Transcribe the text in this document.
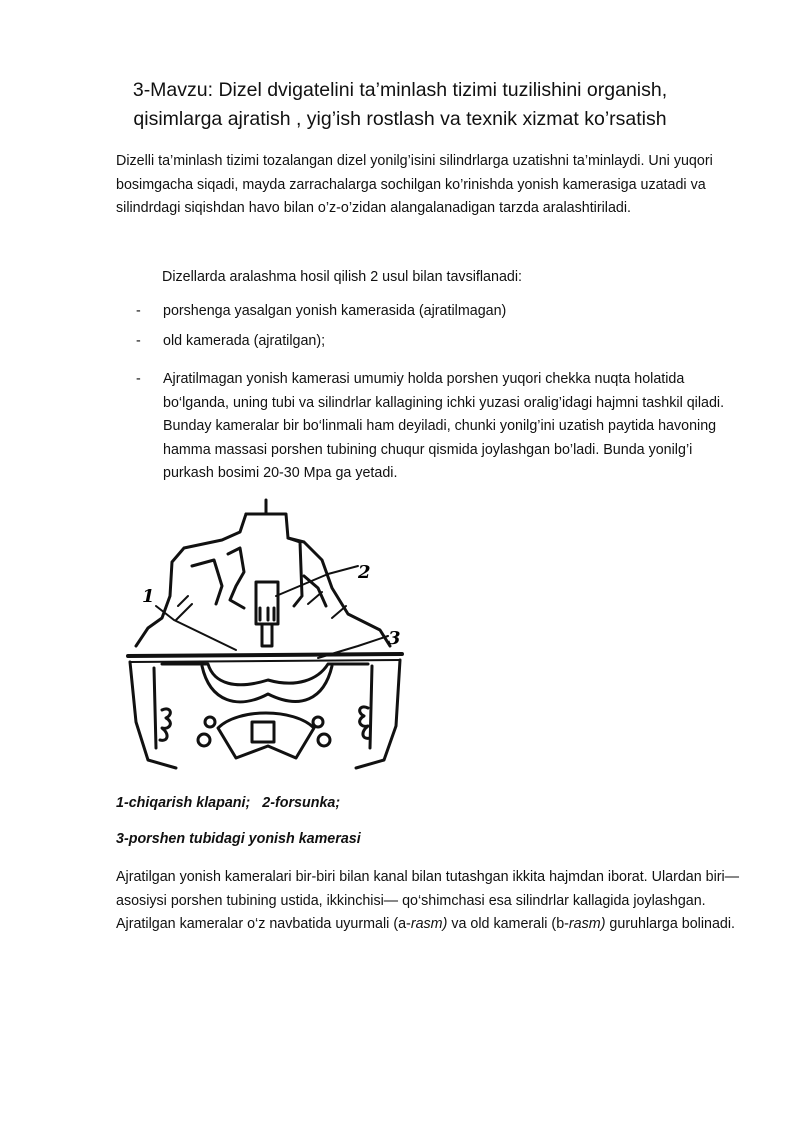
3-Mavzu: Dizel dvigatelini ta’minlash tizimi tuzilishini organish,
qisimlarga ajratish , yig’ish rostlash va texnik xizmat ko’rsatish

Dizelli ta’minlash tizimi tozalangan dizel yonilg’isini silindrlarga uzatishni ta’minlaydi. Uni yuqori bosimgacha siqadi, mayda zarrachalarga sochilgan ko’rinishda yonish kamerasiga uzatadi va silindrdagi siqishdan havo bilan o’z-o’zidan alangalanadigan tarzda aralashtiriladi.

Dizellarda aralashma hosil qilish 2 usul bilan tavsiflanadi:

- porshenga yasalgan yonish kamerasida (ajratilmagan)
- old kamerada (ajratilgan);
- Ajratilmagan yonish kamerasi umumiy holda porshen yuqori chekka nuqta holatida bo‘lganda, uning tubi va silindrlar kallagining ichki yuzasi oralig’idagi hajmni tashkil qiladi. Bunday kameralar bir bo‘linmali ham deyiladi, chunki yonilg’ini uzatish paytida havoning hamma massasi porshen tubining chuqur qismida joylashgan bo’ladi. Bunda yonilg’i purkash bosimi 20-30 Mpa ga yetadi.
1
2
3

1-chiqarish klapani; 2-forsunka;

3-porshen tubidagi yonish kamerasi

Ajratilgan yonish kameralari bir-biri bilan kanal bilan tutashgan ikkita hajmdan iborat. Ulardan biri—asosiysi porshen tubining ustida, ikkinchisi— qo‘shimchasi esa silindrlar kallagida joylashgan. Ajratilgan kameralar o‘z navbatida uyurmali (a-rasm) va old kamerali (b-rasm) guruhlarga bolinadi.
